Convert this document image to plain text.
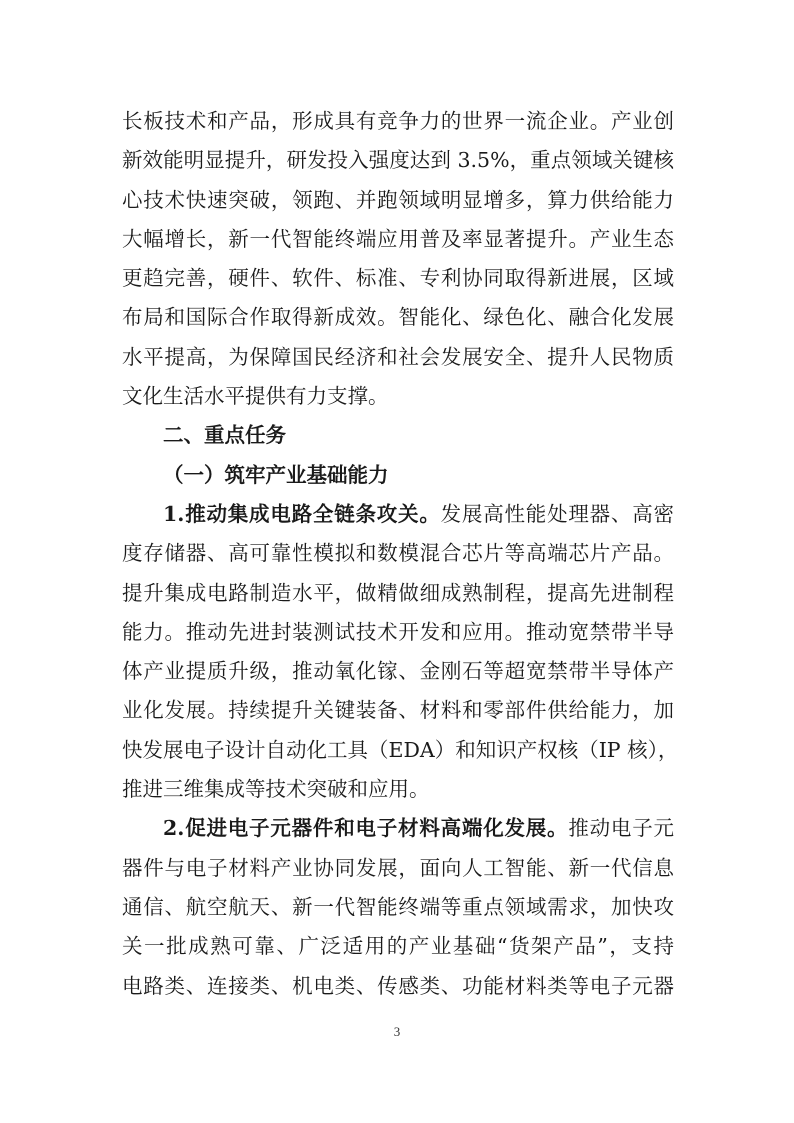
长板技术和产品，形成具有竞争力的世界一流企业。产业创
新效能明显提升，研发投入强度达到 3.5%，重点领域关键核
心技术快速突破，领跑、并跑领域明显增多，算力供给能力
大幅增长，新一代智能终端应用普及率显著提升。产业生态
更趋完善，硬件、软件、标准、专利协同取得新进展，区域
布局和国际合作取得新成效。智能化、绿色化、融合化发展
水平提高，为保障国民经济和社会发展安全、提升人民物质
文化生活水平提供有力支撑。
二、重点任务
（一）筑牢产业基础能力
1.推动集成电路全链条攻关。发展高性能处理器、高密
度存储器、高可靠性模拟和数模混合芯片等高端芯片产品。
提升集成电路制造水平，做精做细成熟制程，提高先进制程
能力。推动先进封装测试技术开发和应用。推动宽禁带半导
体产业提质升级，推动氧化镓、金刚石等超宽禁带半导体产
业化发展。持续提升关键装备、材料和零部件供给能力，加
快发展电子设计自动化工具（EDA）和知识产权核（IP 核），
推进三维集成等技术突破和应用。
2.促进电子元器件和电子材料高端化发展。推动电子元
器件与电子材料产业协同发展，面向人工智能、新一代信息
通信、航空航天、新一代智能终端等重点领域需求，加快攻
关一批成熟可靠、广泛适用的产业基础“货架产品”，支持
电路类、连接类、机电类、传感类、功能材料类等电子元器
3
